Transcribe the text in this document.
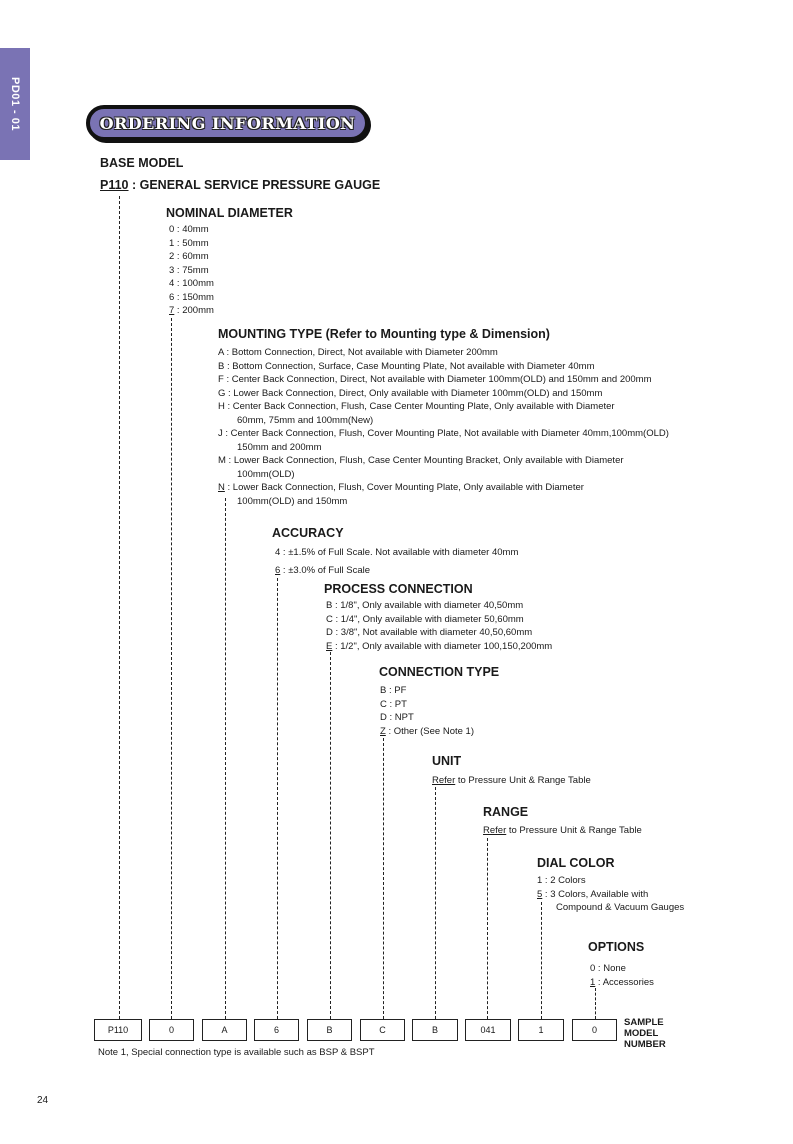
PD01 - 01	ORDERING INFORMATION
BASE MODEL
P110 : GENERAL SERVICE PRESSURE GAUGE
NOMINAL DIAMETER
0 : 40mm
1 : 50mm
2 : 60mm
3 : 75mm
4 : 100mm
6 : 150mm
7 : 200mm
MOUNTING TYPE (Refer to Mounting type & Dimension)
A : Bottom Connection, Direct, Not available with Diameter 200mm
B : Bottom Connection, Surface, Case Mounting Plate, Not available with Diameter 40mm
F : Center Back Connection, Direct, Not available with Diameter 100mm(OLD) and 150mm and 200mm
G : Lower Back Connection, Direct, Only available with Diameter 100mm(OLD) and 150mm
H : Center Back Connection, Flush, Case Center Mounting Plate, Only available with Diameter
60mm, 75mm and 100mm(New)
J : Center Back Connection, Flush, Cover Mounting Plate, Not available with Diameter 40mm,100mm(OLD)
150mm and 200mm
M : Lower Back Connection, Flush, Case Center Mounting Bracket, Only available with Diameter
100mm(OLD)
N : Lower Back Connection, Flush, Cover Mounting Plate, Only available with Diameter
100mm(OLD) and 150mm
ACCURACY
4 : ±1.5% of Full Scale. Not available with diameter 40mm
6 : ±3.0% of Full Scale
PROCESS CONNECTION
B : 1/8", Only available with diameter 40,50mm
C : 1/4", Only available with diameter 50,60mm
D : 3/8", Not available with diameter 40,50,60mm
E : 1/2", Only available with diameter 100,150,200mm
CONNECTION TYPE
B : PF
C : PT
D : NPT
Z : Other (See Note 1)
UNIT
Refer to Pressure Unit & Range Table
RANGE
Refer to Pressure Unit & Range Table
DIAL COLOR
1 : 2 Colors
5 : 3 Colors, Available with
Compound & Vacuum Gauges
OPTIONS
0 : None
1 : Accessories
P110	0	A	6	B	C	B	041	1	0
SAMPLE
MODEL
NUMBER
Note 1, Special connection type is available such as BSP & BSPT
24
